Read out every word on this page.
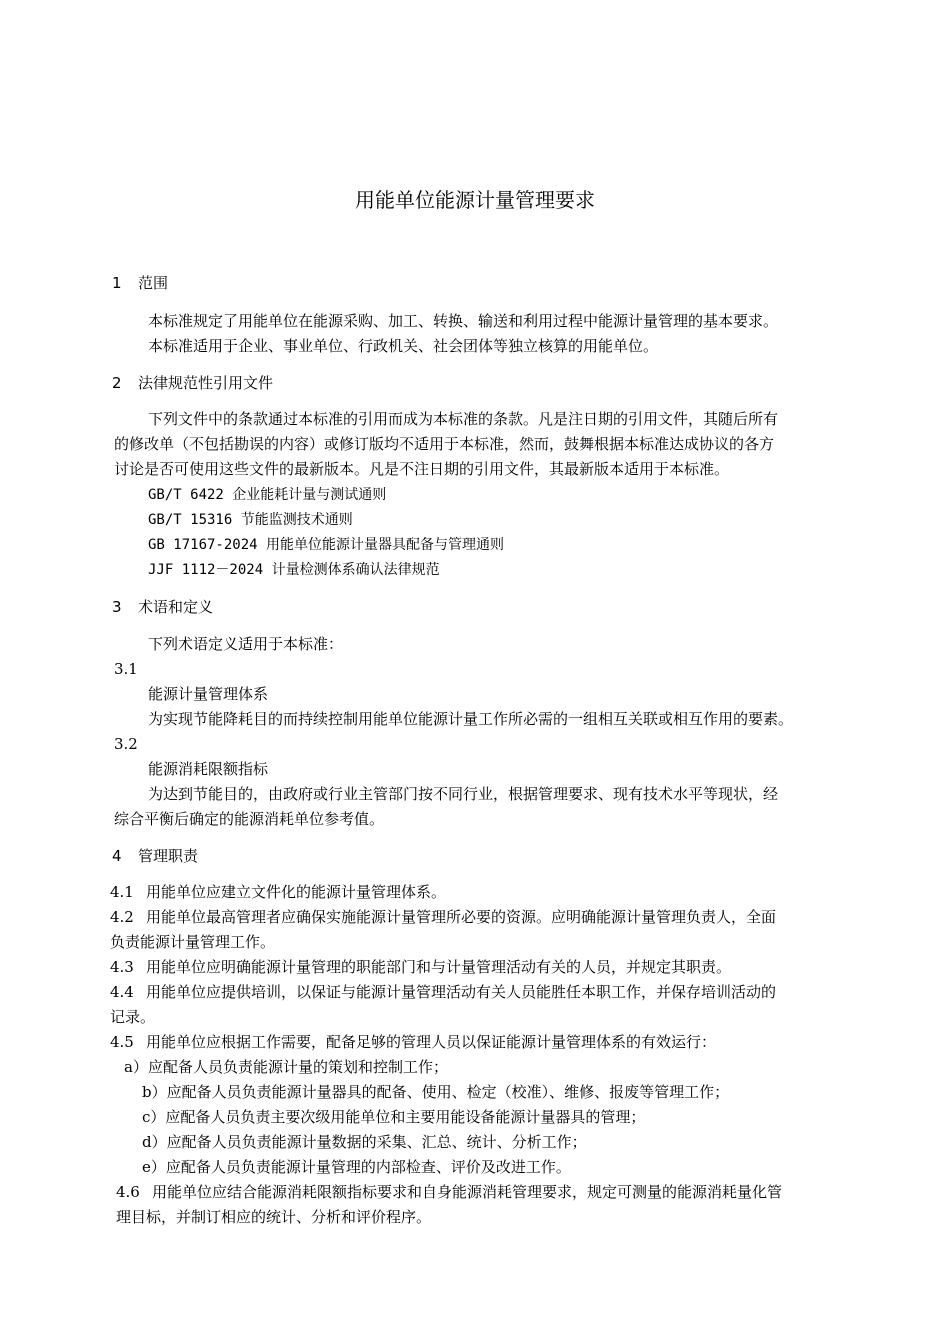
用能单位能源计量管理要求
1 范围
本标准规定了用能单位在能源采购、加工、转换、输送和利用过程中能源计量管理的基本要求。
本标准适用于企业、事业单位、行政机关、社会团体等独立核算的用能单位。
2 法律规范性引用文件
下列文件中的条款通过本标准的引用而成为本标准的条款。凡是注日期的引用文件，其随后所有
的修改单（不包括勘误的内容）或修订版均不适用于本标准，然而，鼓舞根据本标准达成协议的各方
讨论是否可使用这些文件的最新版本。凡是不注日期的引用文件，其最新版本适用于本标准。
GB/T 6422 企业能耗计量与测试通则
GB/T 15316 节能监测技术通则
GB 17167-2024 用能单位能源计量器具配备与管理通则
JJF 1112－2024 计量检测体系确认法律规范
3 术语和定义
下列术语定义适用于本标准：
3.1
能源计量管理体系
为实现节能降耗目的而持续控制用能单位能源计量工作所必需的一组相互关联或相互作用的要素。
3.2
能源消耗限额指标
为达到节能目的，由政府或行业主管部门按不同行业，根据管理要求、现有技术水平等现状，经
综合平衡后确定的能源消耗单位参考值。
4 管理职责
4.1 用能单位应建立文件化的能源计量管理体系。
4.2 用能单位最高管理者应确保实施能源计量管理所必要的资源。应明确能源计量管理负责人，全面
负责能源计量管理工作。
4.3 用能单位应明确能源计量管理的职能部门和与计量管理活动有关的人员，并规定其职责。
4.4 用能单位应提供培训，以保证与能源计量管理活动有关人员能胜任本职工作，并保存培训活动的
记录。
4.5 用能单位应根据工作需要，配备足够的管理人员以保证能源计量管理体系的有效运行：
a）应配备人员负责能源计量的策划和控制工作；
b）应配备人员负责能源计量器具的配备、使用、检定（校准）、维修、报废等管理工作；
c）应配备人员负责主要次级用能单位和主要用能设备能源计量器具的管理；
d）应配备人员负责能源计量数据的采集、汇总、统计、分析工作；
e）应配备人员负责能源计量管理的内部检查、评价及改进工作。
4.6 用能单位应结合能源消耗限额指标要求和自身能源消耗管理要求，规定可测量的能源消耗量化管
理目标，并制订相应的统计、分析和评价程序。
